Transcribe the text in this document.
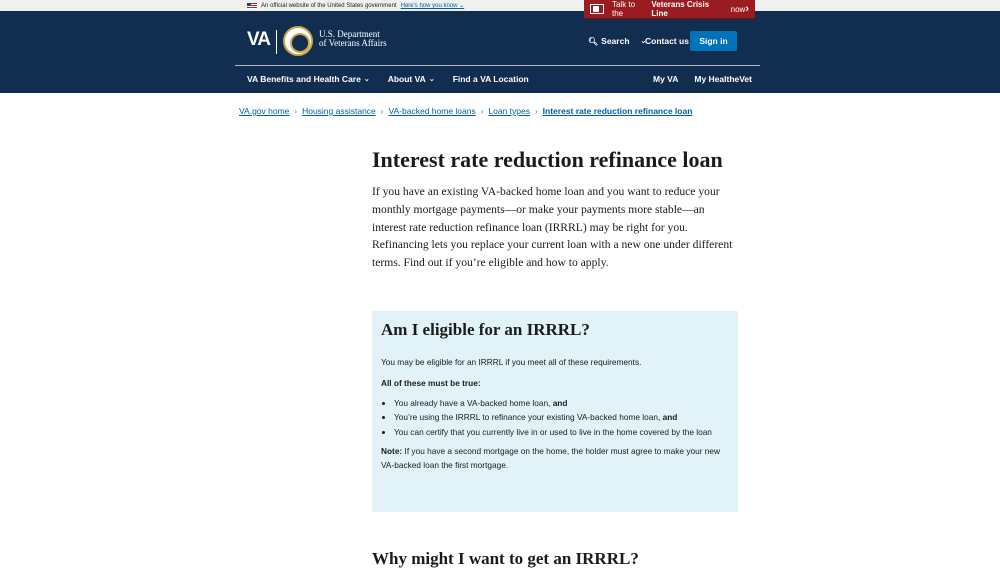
An official website of the United States government Here's how you know ⌄	Talk to the
Veterans Crisis Line	now ›
VA	U.S. Department
of Veterans Affairs	🔍︎ Search ⌄
Contact us	Sign in
VA Benefits and Health Care ⌄ About VA ⌄ Find a VA Location	My VA My HealtheVet
VA.gov home › Housing assistance › VA-backed home loans › Loan types › Interest rate reduction refinance loan
Interest rate reduction refinance loan

If you have an existing VA-backed home loan and you want to reduce your monthly mortgage payments—or make your payments more stable—an interest rate reduction refinance loan (IRRRL) may be right for you. Refinancing lets you replace your current loan with a new one under different terms. Find out if you’re eligible and how to apply.

Am I eligible for an IRRRL?

You may be eligible for an IRRRL if you meet all of these requirements.

All of these must be true:

• You already have a VA-backed home loan, and
• You’re using the IRRRL to refinance your existing VA-backed home loan, and
• You can certify that you currently live in or used to live in the home covered by the loan

Note: If you have a second mortgage on the home, the holder must agree to make your new VA-backed loan the first mortgage.

Why might I want to get an IRRRL?
